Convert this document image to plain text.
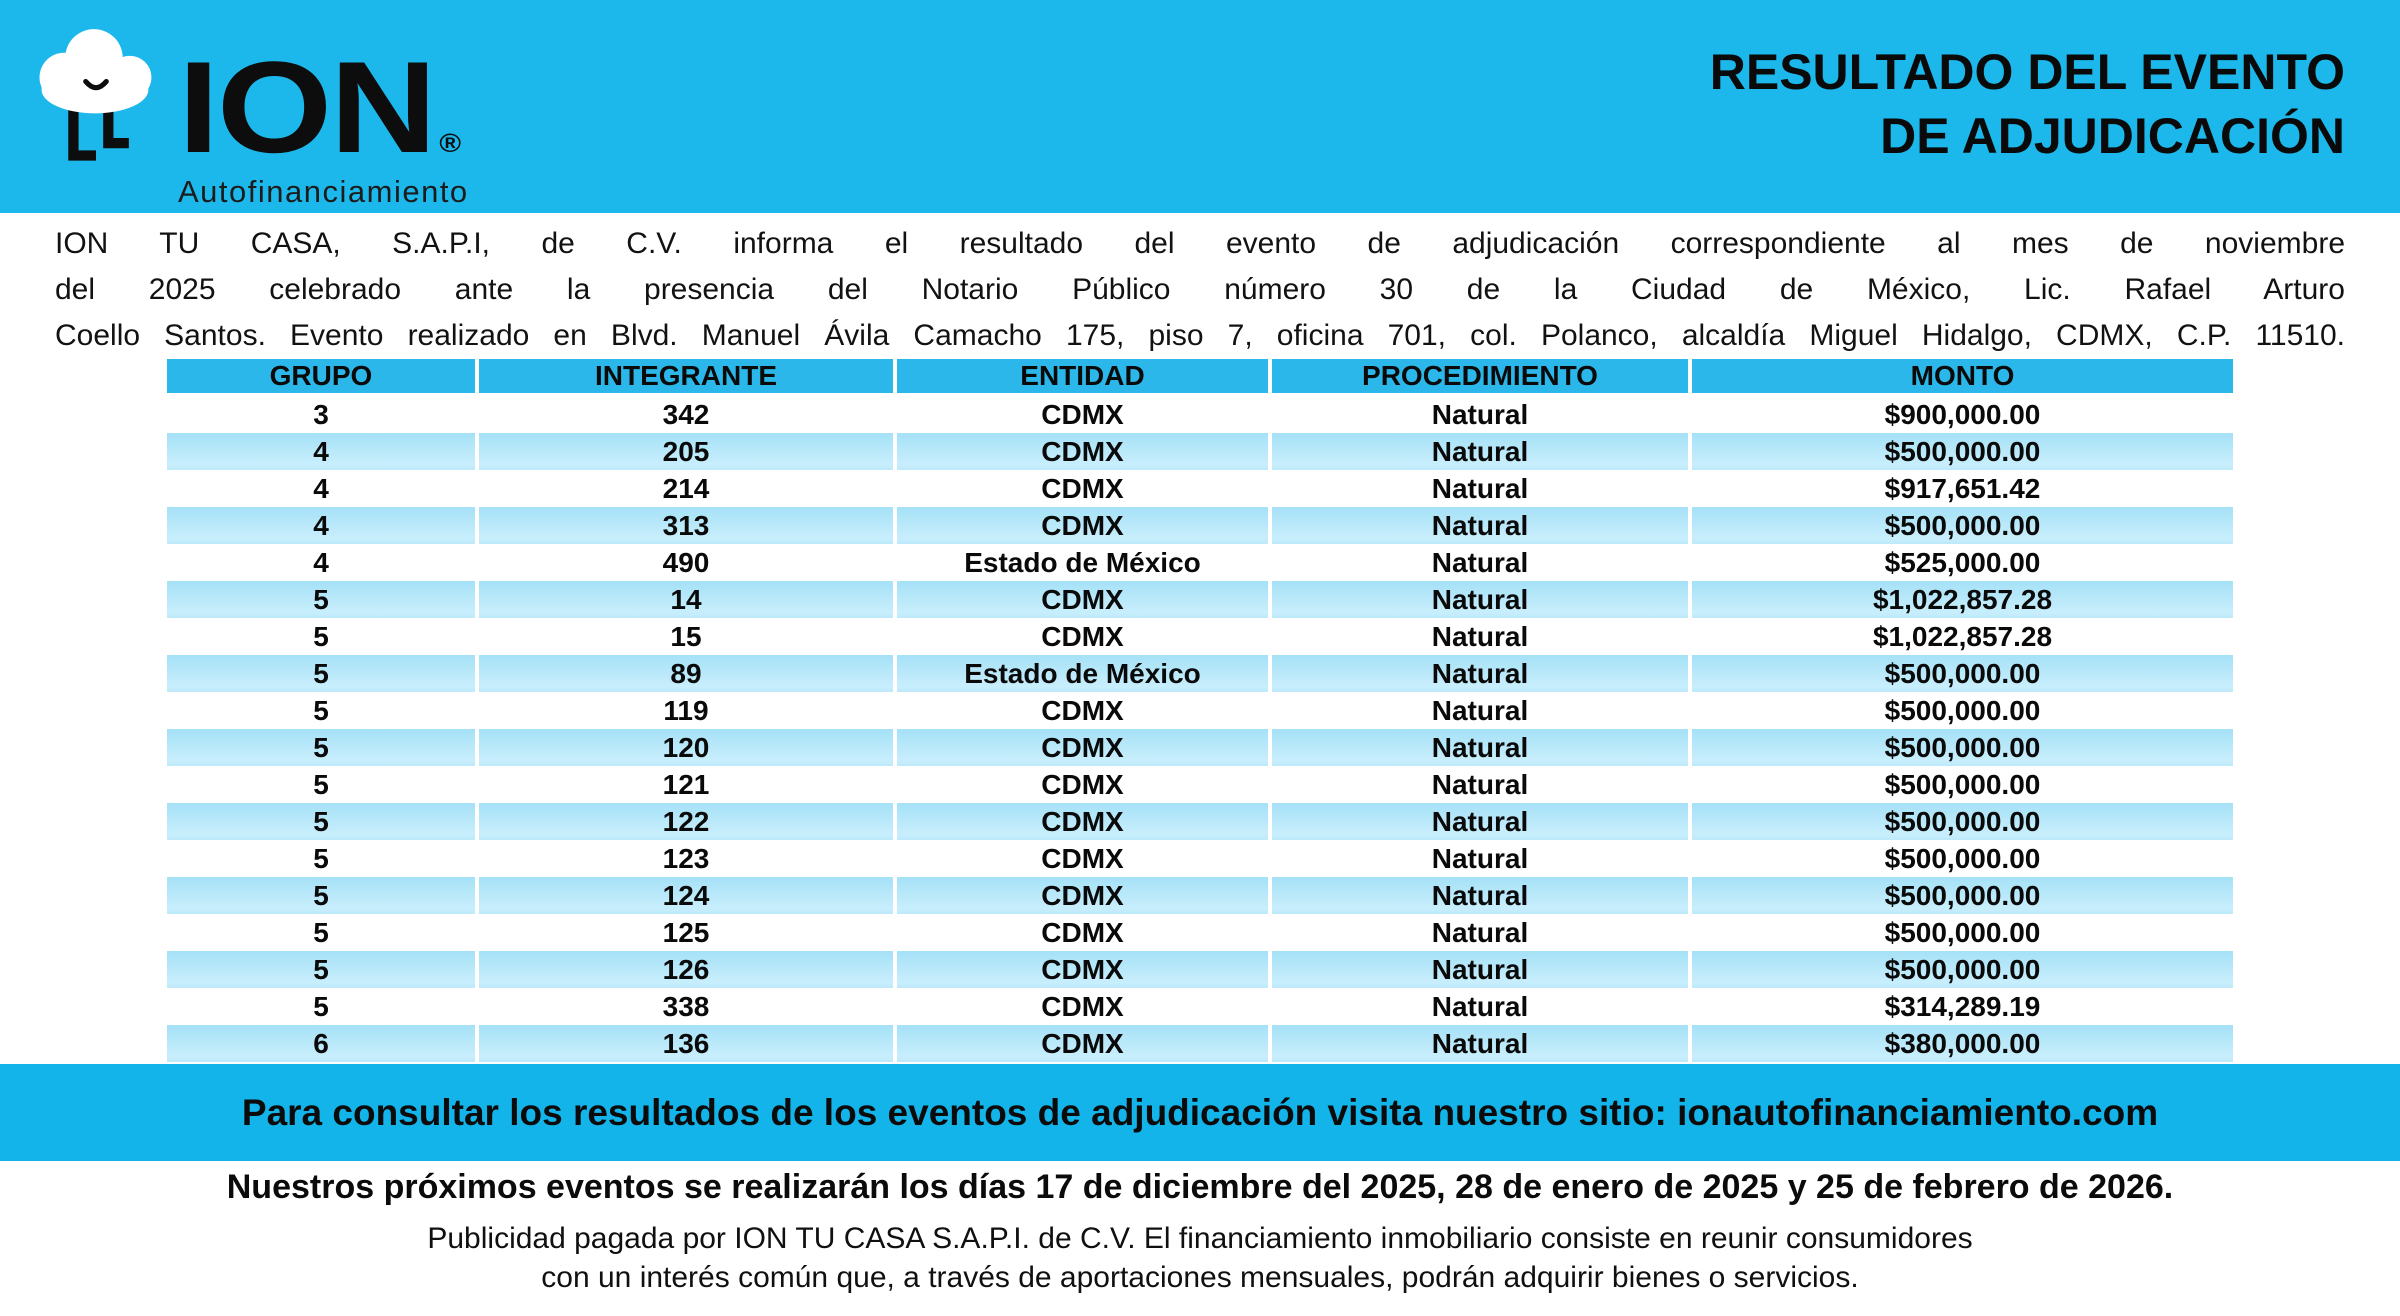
ION ®
Autofinanciamiento
RESULTADO DEL EVENTO
DE ADJUDICACIÓN
ION TU CASA, S.A.P.I, de C.V. informa el resultado del evento de adjudicación correspondiente al mes de noviembre
del 2025 celebrado ante la presencia del Notario Público número 30 de la Ciudad de México, Lic. Rafael Arturo
Coello Santos. Evento realizado en Blvd. Manuel Ávila Camacho 175, piso 7, oficina 701, col. Polanco, alcaldía Miguel Hidalgo, CDMX, C.P. 11510.
GRUPO	INTEGRANTE	ENTIDAD	PROCEDIMIENTO	MONTO
3	342	CDMX	Natural	$900,000.00
4	205	CDMX	Natural	$500,000.00
4	214	CDMX	Natural	$917,651.42
4	313	CDMX	Natural	$500,000.00
4	490	Estado de México	Natural	$525,000.00
5	14	CDMX	Natural	$1,022,857.28
5	15	CDMX	Natural	$1,022,857.28
5	89	Estado de México	Natural	$500,000.00
5	119	CDMX	Natural	$500,000.00
5	120	CDMX	Natural	$500,000.00
5	121	CDMX	Natural	$500,000.00
5	122	CDMX	Natural	$500,000.00
5	123	CDMX	Natural	$500,000.00
5	124	CDMX	Natural	$500,000.00
5	125	CDMX	Natural	$500,000.00
5	126	CDMX	Natural	$500,000.00
5	338	CDMX	Natural	$314,289.19
6	136	CDMX	Natural	$380,000.00
Para consultar los resultados de los eventos de adjudicación visita nuestro sitio: ionautofinanciamiento.com
Nuestros próximos eventos se realizarán los días 17 de diciembre del 2025, 28 de enero de 2025 y 25 de febrero de 2026.
Publicidad pagada por ION TU CASA S.A.P.I. de C.V. El financiamiento inmobiliario consiste en reunir consumidores
con un interés común que, a través de aportaciones mensuales, podrán adquirir bienes o servicios.
